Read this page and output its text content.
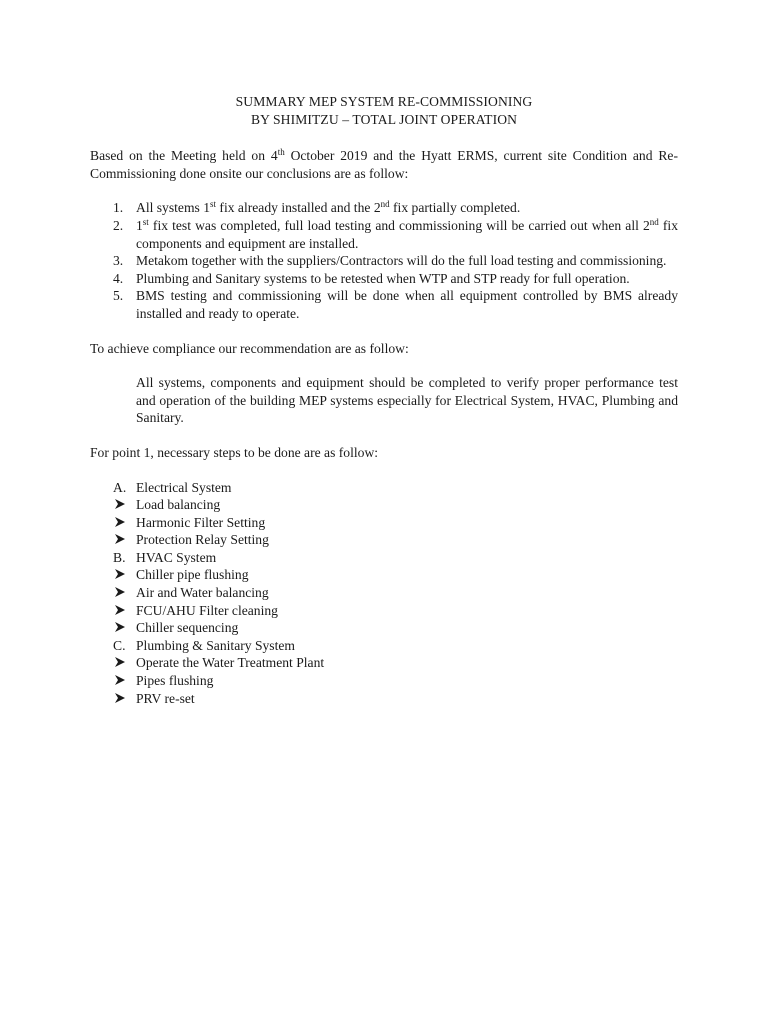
SUMMARY MEP SYSTEM RE-COMMISSIONING

BY SHIMITZU – TOTAL JOINT OPERATION

Based on the Meeting held on 4th October 2019 and the Hyatt ERMS, current site Condition and Re-Commissioning done onsite our conclusions are as follow:

1. All systems 1st fix already installed and the 2nd fix partially completed.
2. 1st fix test was completed, full load testing and commissioning will be carried out when all 2nd fix components and equipment are installed.
3. Metakom together with the suppliers/Contractors will do the full load testing and commissioning.
4. Plumbing and Sanitary systems to be retested when WTP and STP ready for full operation.
5. BMS testing and commissioning will be done when all equipment controlled by BMS already installed and ready to operate.

To achieve compliance our recommendation are as follow:

All systems, components and equipment should be completed to verify proper performance test and operation of the building MEP systems especially for Electrical System, HVAC, Plumbing and Sanitary.

For point 1, necessary steps to be done are as follow:

A. Electrical System
Load balancing
Harmonic Filter Setting
Protection Relay Setting
B. HVAC System
Chiller pipe flushing
Air and Water balancing
FCU/AHU Filter cleaning
Chiller sequencing
C. Plumbing & Sanitary System
Operate the Water Treatment Plant
Pipes flushing
PRV re-set
